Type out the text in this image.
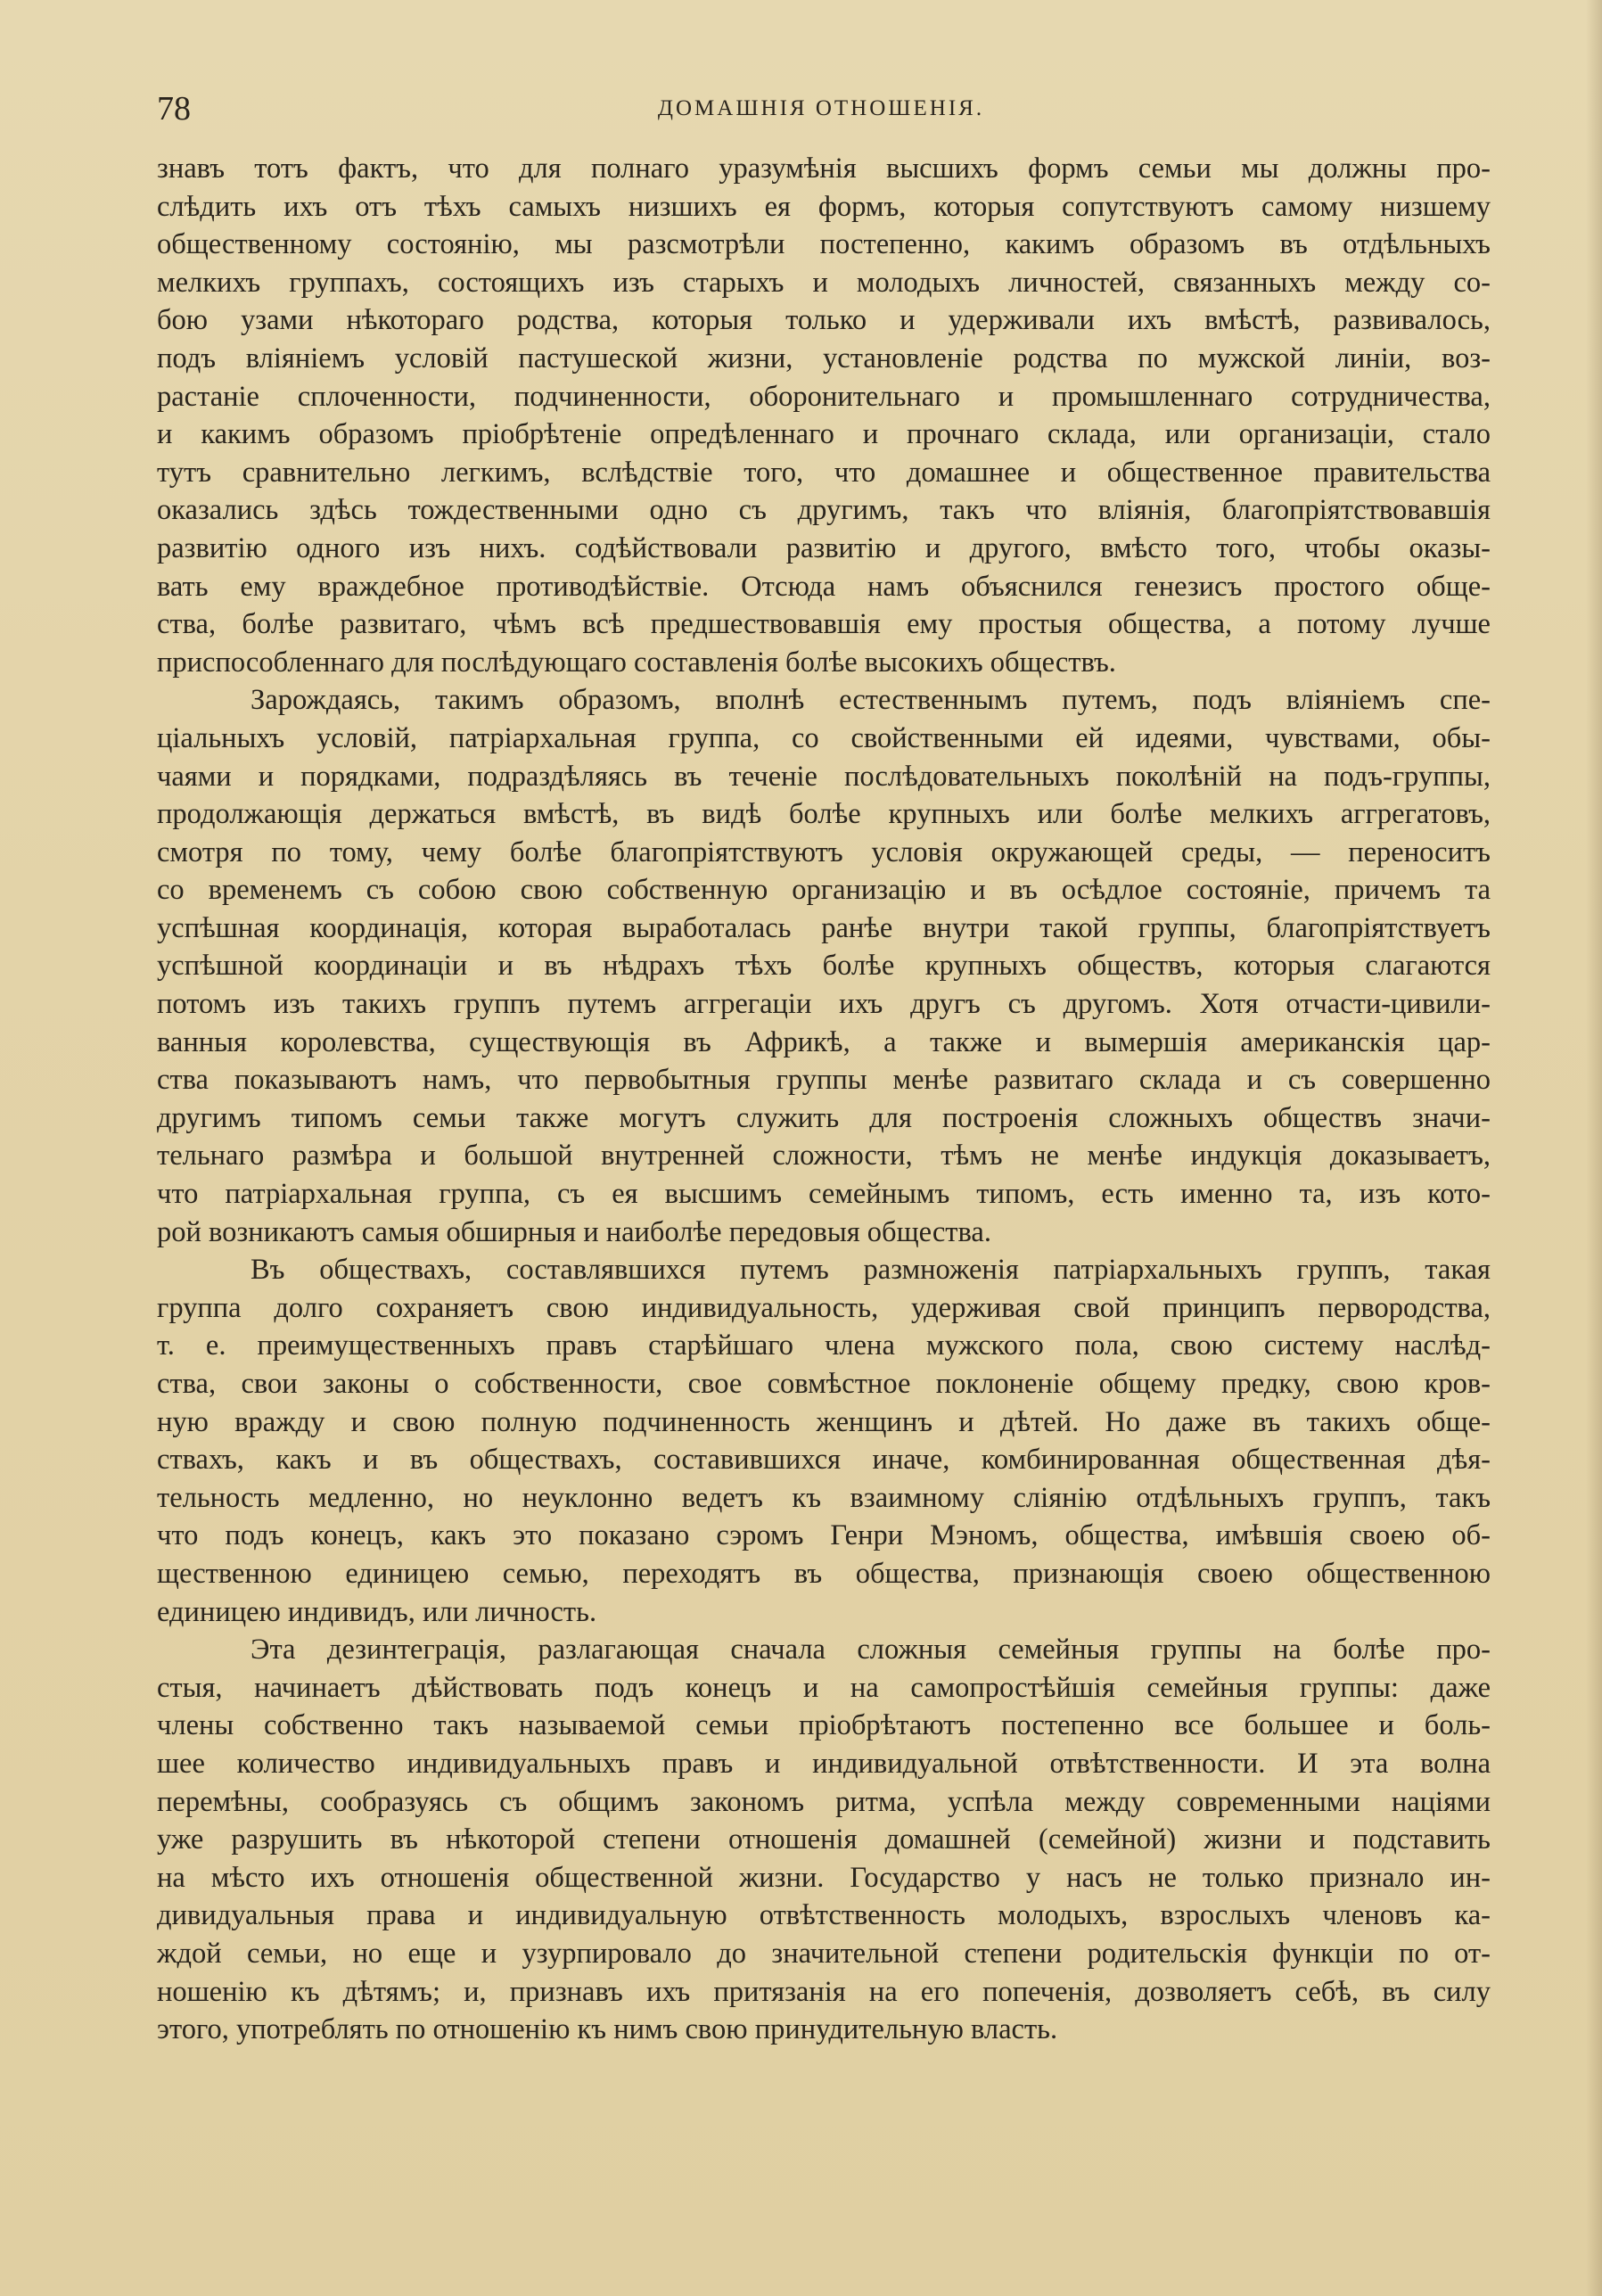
78	ДОМАШНІЯ ОТНОШЕНІЯ.
знавъ тотъ фактъ, что для полнаго уразумѣнія высшихъ формъ семьи мы должны про-
слѣдить ихъ отъ тѣхъ самыхъ низшихъ ея формъ, которыя сопутствуютъ самому низшему
общественному состоянію, мы разсмотрѣли постепенно, какимъ образомъ въ отдѣльныхъ
мелкихъ группахъ, состоящихъ изъ старыхъ и молодыхъ личностей, связанныхъ между со-
бою узами нѣкотораго родства, которыя только и удерживали ихъ вмѣстѣ, развивалось,
подъ вліяніемъ условій пастушеской жизни, установленіе родства по мужской линіи, воз-
растаніе сплоченности, подчиненности, оборонительнаго и промышленнаго сотрудничества,
и какимъ образомъ пріобрѣтеніе опредѣленнаго и прочнаго склада, или организаціи, стало
тутъ сравнительно легкимъ, вслѣдствіе того, что домашнее и общественное правительства
оказались здѣсь тождественными одно съ другимъ, такъ что вліянія, благопріятствовавшія
развитію одного изъ нихъ. содѣйствовали развитію и другого, вмѣсто того, чтобы оказы-
вать ему враждебное противодѣйствіе. Отсюда намъ объяснился генезисъ простого обще-
ства, болѣе развитаго, чѣмъ всѣ предшествовавшія ему простыя общества, а потому лучше
приспособленнаго для послѣдующаго составленія болѣе высокихъ обществъ.
Зарождаясь, такимъ образомъ, вполнѣ естественнымъ путемъ, подъ вліяніемъ спе-
ціальныхъ условій, патріархальная группа, со свойственными ей идеями, чувствами, обы-
чаями и порядками, подраздѣляясь въ теченіе послѣдовательныхъ поколѣній на подъ-группы,
продолжающія держаться вмѣстѣ, въ видѣ болѣе крупныхъ или болѣе мелкихъ аггрегатовъ,
смотря по тому, чему болѣе благопріятствуютъ условія окружающей среды, — переноситъ
со временемъ съ собою свою собственную организацію и въ осѣдлое состояніе, причемъ та
успѣшная координація, которая выработалась ранѣе внутри такой группы, благопріятствуетъ
успѣшной координаціи и въ нѣдрахъ тѣхъ болѣе крупныхъ обществъ, которыя слагаются
потомъ изъ такихъ группъ путемъ аггрегаціи ихъ другъ съ другомъ. Хотя отчасти-цивили-
ванныя королевства, существующія въ Африкѣ, а также и вымершія американскія цар-
ства показываютъ намъ, что первобытныя группы менѣе развитаго склада и съ совершенно
другимъ типомъ семьи также могутъ служить для построенія сложныхъ обществъ значи-
тельнаго размѣра и большой внутренней сложности, тѣмъ не менѣе индукція доказываетъ,
что патріархальная группа, съ ея высшимъ семейнымъ типомъ, есть именно та, изъ кото-
рой возникаютъ самыя обширныя и наиболѣе передовыя общества.
Въ обществахъ, составлявшихся путемъ размноженія патріархальныхъ группъ, такая
группа долго сохраняетъ свою индивидуальность, удерживая свой принципъ первородства,
т. е. преимущественныхъ правъ старѣйшаго члена мужского пола, свою систему наслѣд-
ства, свои законы о собственности, свое совмѣстное поклоненіе общему предку, свою кров-
ную вражду и свою полную подчиненность женщинъ и дѣтей. Но даже въ такихъ обще-
ствахъ, какъ и въ обществахъ, составившихся иначе, комбинированная общественная дѣя-
тельность медленно, но неуклонно ведетъ къ взаимному сліянію отдѣльныхъ группъ, такъ
что подъ конецъ, какъ это показано сэромъ Генри Мэномъ, общества, имѣвшія своею об-
щественною единицею семью, переходятъ въ общества, признающія своею общественною
единицею индивидъ, или личность.
Эта дезинтеграція, разлагающая сначала сложныя семейныя группы на болѣе про-
стыя, начинаетъ дѣйствовать подъ конецъ и на самопростѣйшія семейныя группы: даже
члены собственно такъ называемой семьи пріобрѣтаютъ постепенно все большее и боль-
шее количество индивидуальныхъ правъ и индивидуальной отвѣтственности. И эта волна
перемѣны, сообразуясь съ общимъ закономъ ритма, успѣла между современными націями
уже разрушить въ нѣкоторой степени отношенія домашней (семейной) жизни и подставить
на мѣсто ихъ отношенія общественной жизни. Государство у насъ не только признало ин-
дивидуальныя права и индивидуальную отвѣтственность молодыхъ, взрослыхъ членовъ ка-
ждой семьи, но еще и узурпировало до значительной степени родительскія функціи по от-
ношенію къ дѣтямъ; и, признавъ ихъ притязанія на его попеченія, дозволяетъ себѣ, въ силу
этого, употреблять по отношенію къ нимъ свою принудительную власть.
